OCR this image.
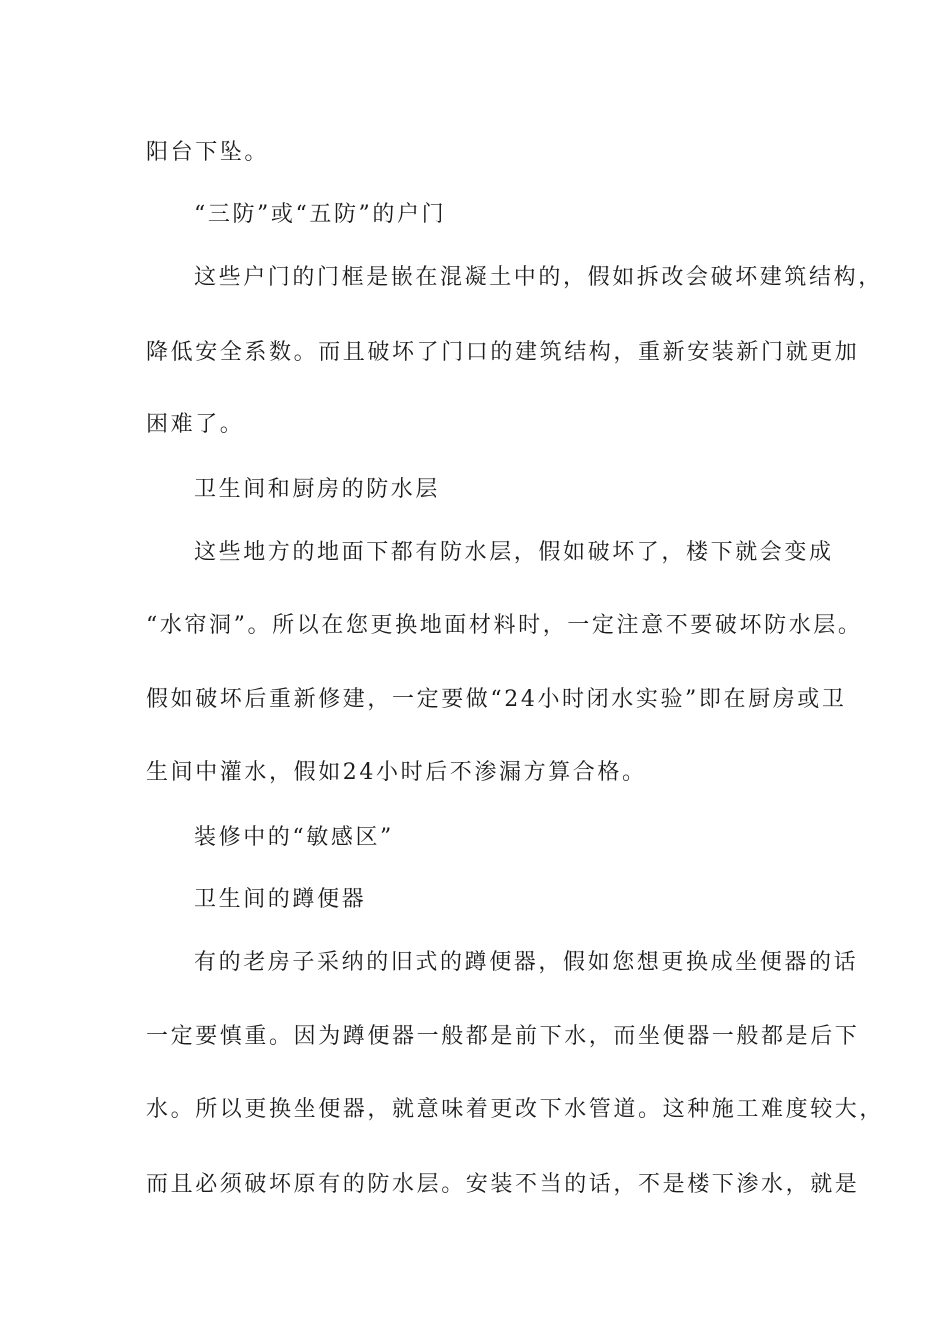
阳台下坠。
“三防”或“五防”的户门
这些户门的门框是嵌在混凝土中的，假如拆改会破坏建筑结构，
降低安全系数。而且破坏了门口的建筑结构，重新安装新门就更加
困难了。
卫生间和厨房的防水层
这些地方的地面下都有防水层，假如破坏了，楼下就会变成
“水帘洞”。所以在您更换地面材料时，一定注意不要破坏防水层。
假如破坏后重新修建，一定要做“24小时闭水实验”即在厨房或卫
生间中灌水，假如24小时后不渗漏方算合格。
装修中的“敏感区”
卫生间的蹲便器
有的老房子采纳的旧式的蹲便器，假如您想更换成坐便器的话
一定要慎重。因为蹲便器一般都是前下水，而坐便器一般都是后下
水。所以更换坐便器，就意味着更改下水管道。这种施工难度较大，
而且必须破坏原有的防水层。安装不当的话，不是楼下渗水，就是
